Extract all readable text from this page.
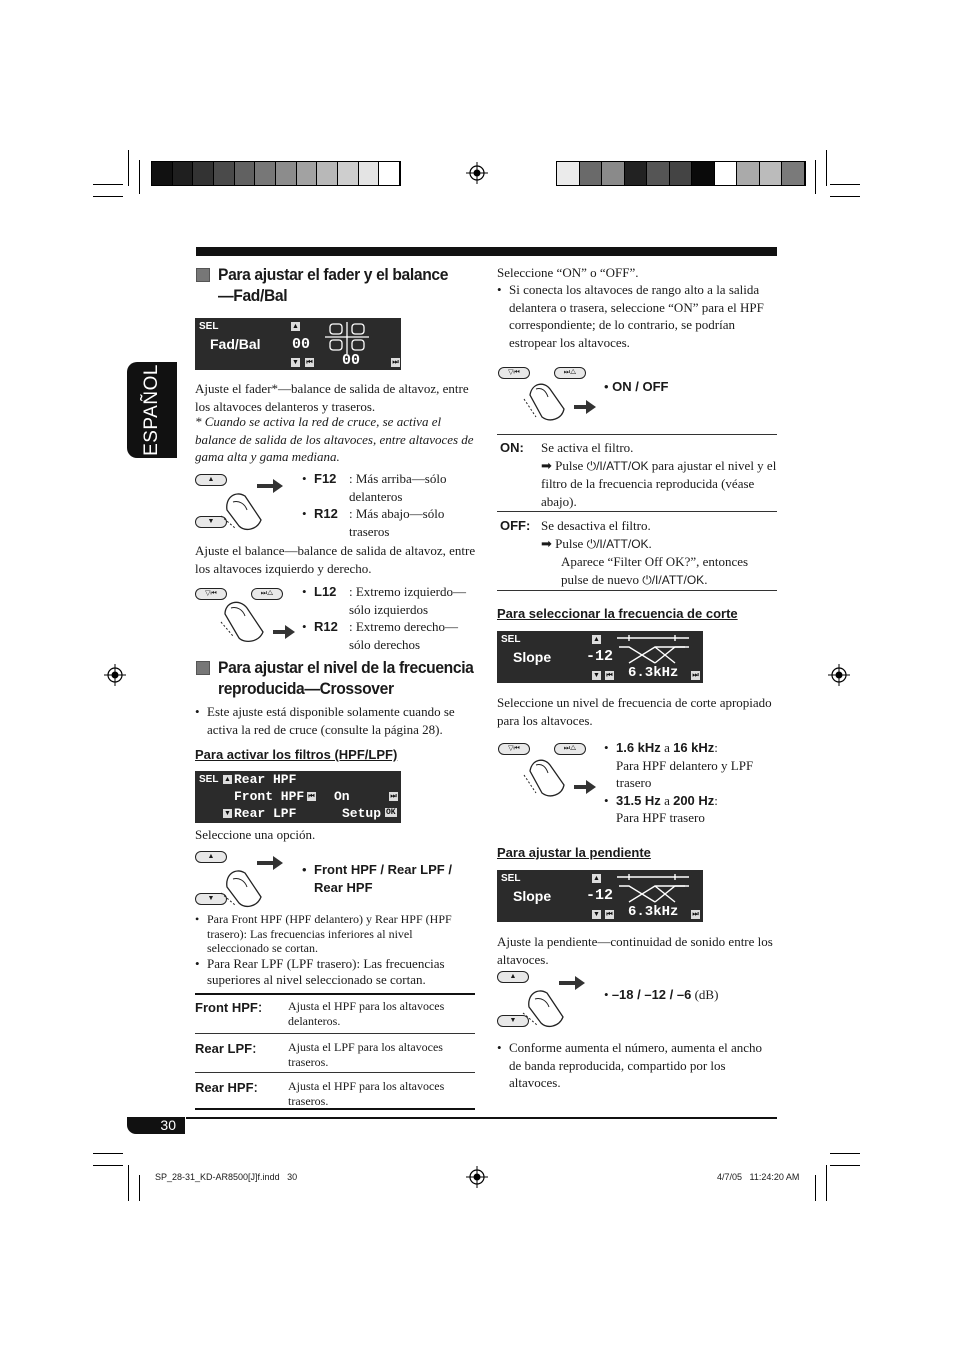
ESPAÑOL
Para ajustar el fader y el balance
—Fad/Bal
SEL
Fad/Bal
▲
▼ ⏮	⏭
00
00
Ajuste el fader*—balance de salida de altavoz, entre los altavoces delanteros y traseros.
* Cuando se activa la red de cruce, se activa el balance de salida de los altavoces, entre altavoces de gama alta y gama mediana.
▲
▼
• F12 : Más arriba—sólo delanteros
• R12 : Más abajo—sólo traseros
Ajuste el balance—balance de salida de altavoz, entre los altavoces izquierdo y derecho.
▽⏮	⏭△	• L12 : Extremo izquierdo—sólo izquierdos
• R12 : Extremo derecho—sólo derechos
Para ajustar el nivel de la frecuencia
reproducida—Crossover
• Este ajuste está disponible solamente cuando se activa la red de cruce (consulte la página 28).
Para activar los filtros (HPF/LPF)
SEL ▲
▼
Rear HPF
Front HPF
Rear LPF
⏮	⏭
On
Setup OK
Seleccione una opción.
▲
▼
• Front HPF / Rear LPF / Rear HPF
• Para Front HPF (HPF delantero) y Rear HPF (HPF trasero): Las frecuencias inferiores al nivel seleccionado se cortan.
• Para Rear LPF (LPF trasero): Las frecuencias superiores al nivel seleccionado se cortan.
Front HPF:	Ajusta el HPF para los altavoces delanteros.
Rear LPF:	Ajusta el LPF para los altavoces traseros.
Rear HPF:	Ajusta el HPF para los altavoces traseros.
Seleccione “ON” o “OFF”.
• Si conecta los altavoces de rango alto a la salida delantera o trasera, seleccione “ON” para el HPF correspondiente; de lo contrario, se podrían estropear los altavoces.
▽⏮	⏭△
• ON / OFF
ON:	Se activa el filtro.
➡ Pulse ⏻/Ι/ATT/OK para ajustar el nivel y el filtro de la frecuencia reproducida (véase abajo).
OFF: Se desactiva el filtro.
➡ Pulse ⏻/Ι/ATT/OK.
Aparece “Filter Off OK?”, entonces pulse de nuevo ⏻/Ι/ATT/OK.
Para seleccionar la frecuencia de corte
SEL
Slope
▲
▼ ⏮	⏭
-12
6.3kHz
Seleccione un nivel de frecuencia de corte apropiado para los altavoces.
▽⏮	⏭△	• 1.6 kHz a 16 kHz:
Para HPF delantero y LPF trasero
• 31.5 Hz a 200 Hz:
Para HPF trasero
Para ajustar la pendiente
SEL
Slope
▲
▼ ⏮	⏭
-12
6.3kHz
Ajuste la pendiente—continuidad de sonido entre los altavoces.
▲
▼
• –18 / –12 / –6 (dB)
• Conforme aumenta el número, aumenta el ancho de banda reproducida, compartido por los altavoces.
30
SP_28-31_KD-AR8500[J]f.indd   30	4/7/05   11:24:20 AM
